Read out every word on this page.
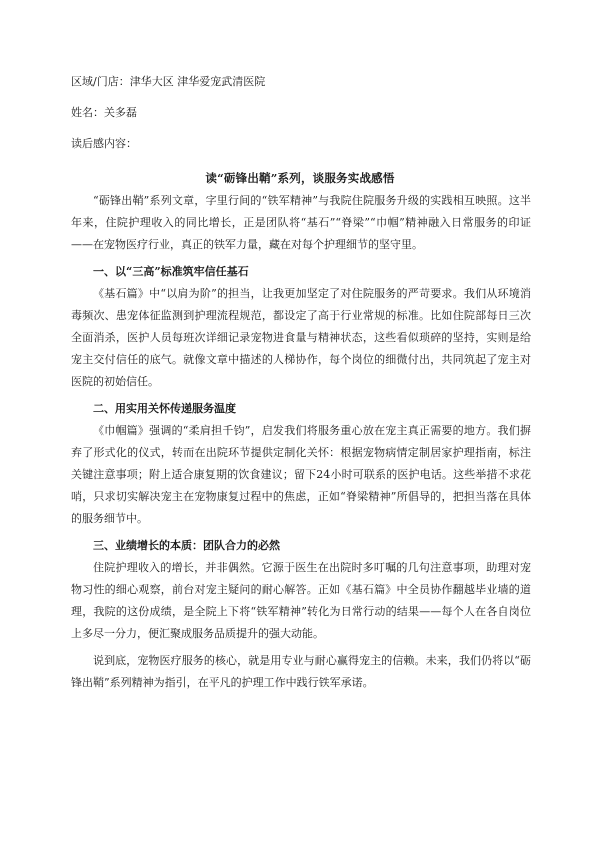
区域/门店：津华大区 津华爱宠武清医院
姓名：关多磊
读后感内容：
读“砺锋出鞘”系列，谈服务实战感悟

“砺锋出鞘”系列文章，字里行间的“铁军精神”与我院住院服务升级的实践相互映照。这半年来，住院护理收入的同比增长，正是团队将“基石”“脊梁”“巾帼”精神融入日常服务的印证——在宠物医疗行业，真正的铁军力量，藏在对每个护理细节的坚守里。

一、以“三高”标准筑牢信任基石

《基石篇》中“以肩为阶”的担当，让我更加坚定了对住院服务的严苛要求。我们从环境消毒频次、患宠体征监测到护理流程规范，都设定了高于行业常规的标准。比如住院部每日三次全面消杀，医护人员每班次详细记录宠物进食量与精神状态，这些看似琐碎的坚持，实则是给宠主交付信任的底气。就像文章中描述的人梯协作，每个岗位的细微付出，共同筑起了宠主对医院的初始信任。

二、用实用关怀传递服务温度

《巾帼篇》强调的“柔肩担千钧”，启发我们将服务重心放在宠主真正需要的地方。我们摒弃了形式化的仪式，转而在出院环节提供定制化关怀：根据宠物病情定制居家护理指南，标注关键注意事项；附上适合康复期的饮食建议；留下24小时可联系的医护电话。这些举措不求花哨，只求切实解决宠主在宠物康复过程中的焦虑，正如“脊梁精神”所倡导的，把担当落在具体的服务细节中。

三、业绩增长的本质：团队合力的必然

住院护理收入的增长，并非偶然。它源于医生在出院时多叮嘱的几句注意事项，助理对宠物习性的细心观察，前台对宠主疑问的耐心解答。正如《基石篇》中全员协作翻越毕业墙的道理，我院的这份成绩，是全院上下将“铁军精神”转化为日常行动的结果——每个人在各自岗位上多尽一分力，便汇聚成服务品质提升的强大动能。

说到底，宠物医疗服务的核心，就是用专业与耐心赢得宠主的信赖。未来，我们仍将以“砺锋出鞘”系列精神为指引，在平凡的护理工作中践行铁军承诺。
